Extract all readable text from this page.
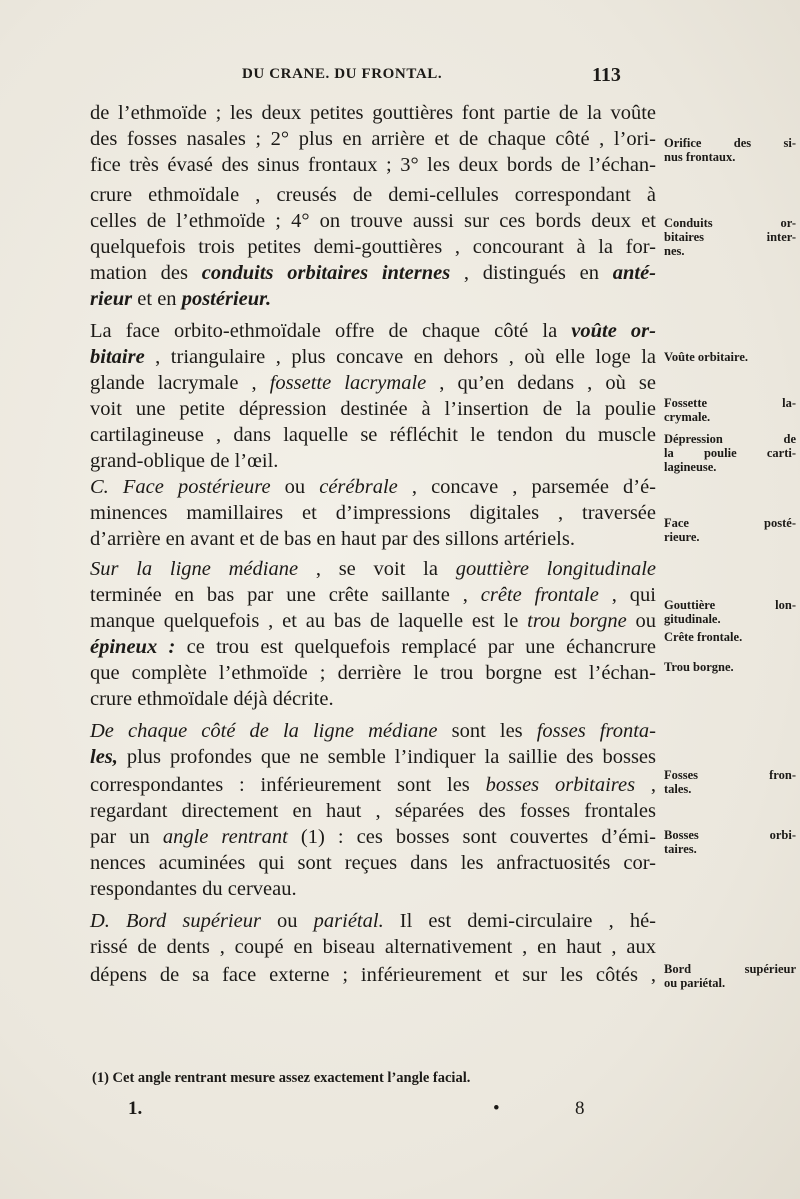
DU CRANE. DU FRONTAL.	113
de l’ethmoïde ; les deux petites gouttières font partie de la voûte
des fosses nasales ; 2° plus en arrière et de chaque côté , l’ori-
fice très évasé des sinus frontaux ; 3° les deux bords de l’échan-
crure ethmoïdale , creusés de demi-cellules correspondant à
celles de l’ethmoïde ; 4° on trouve aussi sur ces bords deux et
quelquefois trois petites demi-gouttières , concourant à la for-
mation des conduits orbitaires internes , distingués en anté-
rieur et en postérieur.
La face orbito-ethmoïdale offre de chaque côté la voûte or-
bitaire , triangulaire , plus concave en dehors , où elle loge la
glande lacrymale , fossette lacrymale , qu’en dedans , où se
voit une petite dépression destinée à l’insertion de la poulie
cartilagineuse , dans laquelle se réfléchit le tendon du muscle
grand-oblique de l’œil.
C. Face postérieure ou cérébrale , concave , parsemée d’é-
minences mamillaires et d’impressions digitales , traversée
d’arrière en avant et de bas en haut par des sillons artériels.
Sur la ligne médiane , se voit la gouttière longitudinale
terminée en bas par une crête saillante , crête frontale , qui
manque quelquefois , et au bas de laquelle est le trou borgne ou
épineux : ce trou est quelquefois remplacé par une échancrure
que complète l’ethmoïde ; derrière le trou borgne est l’échan-
crure ethmoïdale déjà décrite.
De chaque côté de la ligne médiane sont les fosses fronta-
les, plus profondes que ne semble l’indiquer la saillie des bosses
correspondantes : inférieurement sont les bosses orbitaires ,
regardant directement en haut , séparées des fosses frontales
par un angle rentrant (1) : ces bosses sont couvertes d’émi-
nences acuminées qui sont reçues dans les anfractuosités cor-
respondantes du cerveau.
D. Bord supérieur ou pariétal. Il est demi-circulaire , hé-
rissé de dents , coupé en biseau alternativement , en haut , aux
dépens de sa face externe ; inférieurement et sur les côtés ,
Orifice des si-
nus frontaux.
Conduits or-
bitaires inter-
nes.
Voûte orbitaire.
Fossette la-
crymale.
Dépression de
la poulie carti-
lagineuse.
Face posté-
rieure.
Gouttière lon-
gitudinale.
Crête frontale.
Trou borgne.
Fosses fron-
tales.
Bosses orbi-
taires.
Bord supérieur
ou pariétal.
(1) Cet angle rentrant mesure assez exactement l’angle facial.
1.	•	8
